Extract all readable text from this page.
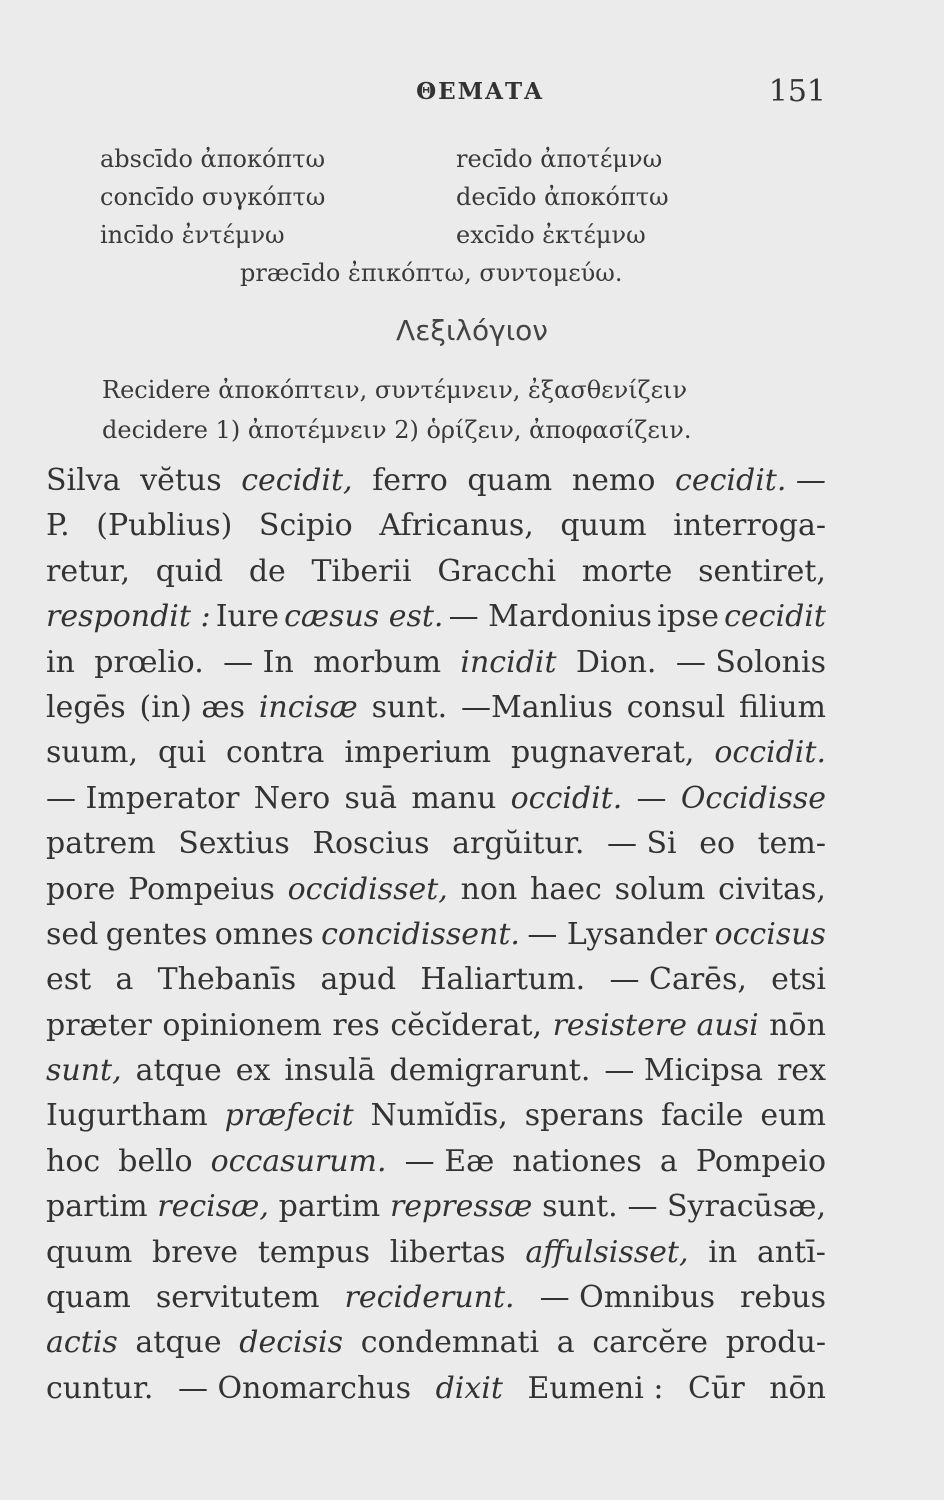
ΘΕΜΑΤΑ	151
abscīdo ἀποκόπτω	recīdo ἀποτέμνω
concīdo συγκόπτω	decīdo ἀποκόπτω
incīdo ἐντέμνω	excīdo ἐκτέμνω
præcīdo ἐπικόπτω, συντομεύω.
Λεξιλόγιον
Recidere ἀποκόπτειν, συντέμνειν, ἐξασθενίζειν
decidere 1) ἀποτέμνειν 2) ὁρίζειν, ἀποφασίζειν.
Silva vĕtus cecidit, ferro quam nemo cecidit. —
P. (Publius) Scipio Africanus, quum interroga-
retur, quid de Tiberii Gracchi morte sentiret,
respondit : Iure cæsus est. — Mardonius ipse cecidit
in prœlio. — In morbum incidit Dion. — Solonis
legēs (in) æs incisæ sunt. —Manlius consul filium
suum, qui contra imperium pugnaverat, occidit.
— Imperator Nero suā manu occidit. — Occidisse
patrem Sextius Roscius argŭitur. — Si eo tem-
pore Pompeius occidisset, non haec solum civitas,
sed gentes omnes concidissent. — Lysander occisus
est a Thebanīs apud Haliartum. — Carēs, etsi
præter opinionem res cĕcĭderat, resistere ausi nōn
sunt, atque ex insulā demigrarunt. — Micipsa rex
Iugurtham præfecit Numĭdīs, sperans facile eum
hoc bello occasurum. — Eæ nationes a Pompeio
partim recisæ, partim repressæ sunt. — Syracūsæ,
quum breve tempus libertas affulsisset, in antī-
quam servitutem reciderunt. — Omnibus rebus
actis atque decisis condemnati a carcĕre produ-
cuntur. — Onomarchus dixit Eumeni : Cūr nōn
